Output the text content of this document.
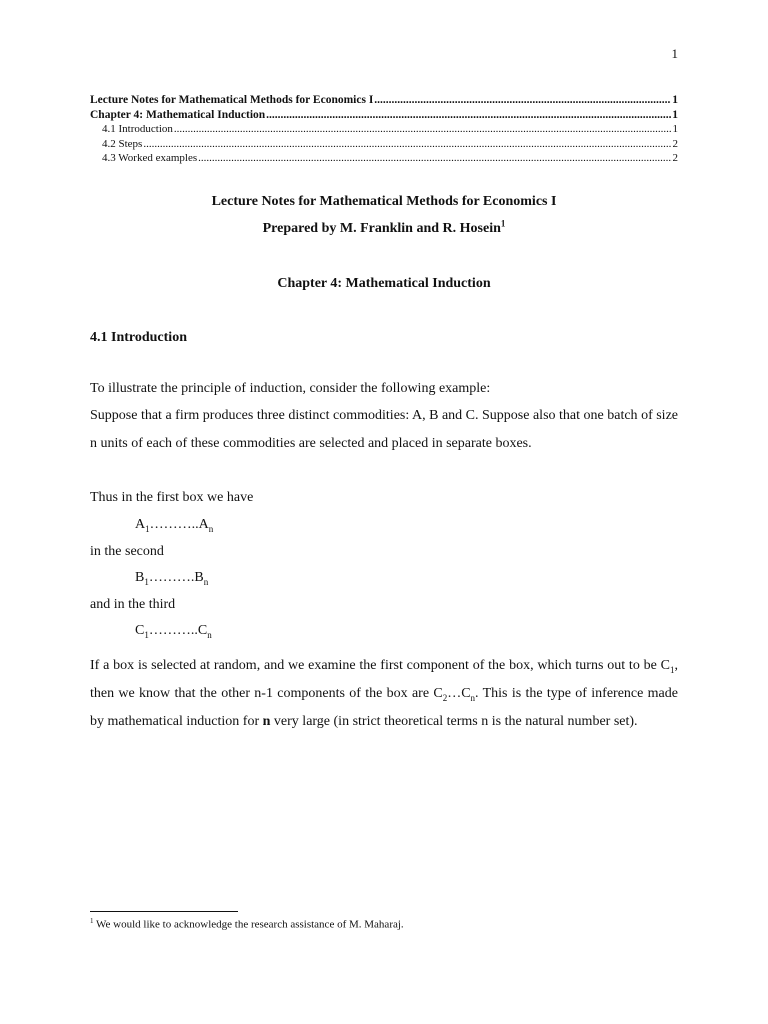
1
Lecture Notes for Mathematical Methods for Economics I .....	1
Chapter 4: Mathematical Induction .....	1
4.1 Introduction .....	1
4.2 Steps .....	2
4.3 Worked examples .....	2
Lecture Notes for Mathematical Methods for Economics I
Prepared by M. Franklin and R. Hosein$^1$
Chapter 4: Mathematical Induction
4.1 Introduction
To illustrate the principle of induction, consider the following example:
Suppose that a firm produces three distinct commodities: A, B and C. Suppose also that one batch of size n units of each of these commodities are selected and placed in separate boxes.
Thus in the first box we have
$A_1\dots\dots\dots..A_n$
in the second
$B_1\dots\dots\dots.B_n$
and in the third
$C_1\dots\dots\dots..C_n$
If a box is selected at random, and we examine the first component of the box, which turns out to be $C_1$, then we know that the other n-1 components of the box are $C_2\dots C_n$. This is the type of inference made by mathematical induction for n very large (in strict theoretical terms n is the natural number set).
$^1$ We would like to acknowledge the research assistance of M. Maharaj.
